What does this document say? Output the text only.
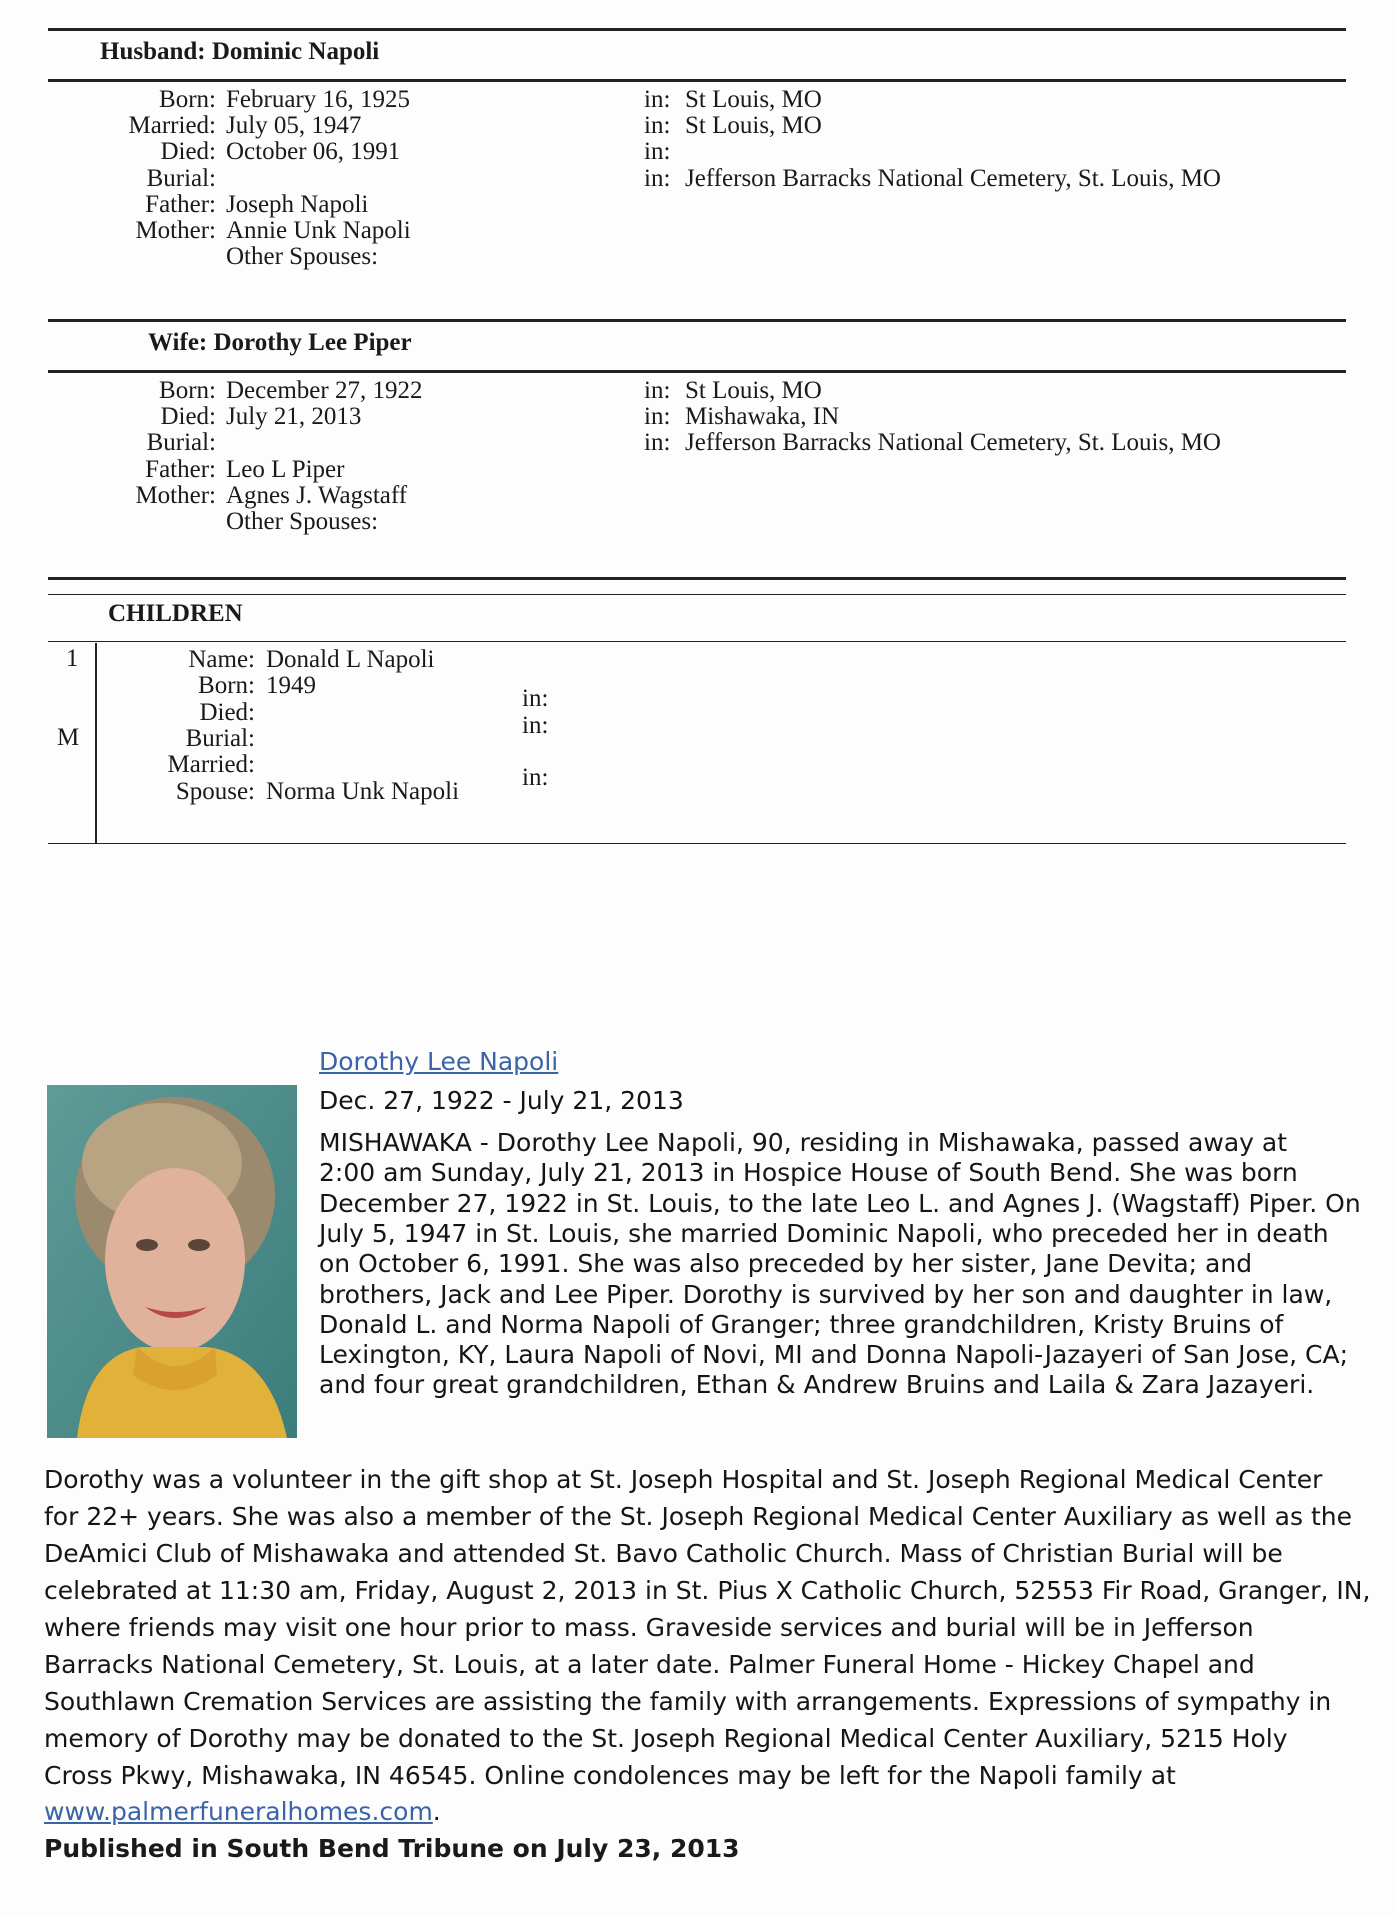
Husband: Dominic Napoli
Born: February 16, 1925	in: St Louis, MO
Married: July 05, 1947	in: St Louis, MO
Died: October 06, 1991	in:
Burial:	in: Jefferson Barracks National Cemetery, St. Louis, MO
Father: Joseph Napoli
Mother: Annie Unk Napoli
Other Spouses:
Wife: Dorothy Lee Piper
Born: December 27, 1922	in: St Louis, MO
Died: July 21, 2013	in: Mishawaka, IN
Burial:	in: Jefferson Barracks National Cemetery, St. Louis, MO
Father: Leo L Piper
Mother: Agnes J. Wagstaff
Other Spouses:
CHILDREN
1
M
Name: Donald L Napoli
Born: 1949	in:
Died:	in:
Burial:
Married:	in:
Spouse: Norma Unk Napoli
Dorothy Lee Napoli
Dec. 27, 1922 - July 21, 2013
MISHAWAKA - Dorothy Lee Napoli, 90, residing in Mishawaka, passed away at
2:00 am Sunday, July 21, 2013 in Hospice House of South Bend. She was born
December 27, 1922 in St. Louis, to the late Leo L. and Agnes J. (Wagstaff) Piper. On
July 5, 1947 in St. Louis, she married Dominic Napoli, who preceded her in death
on October 6, 1991. She was also preceded by her sister, Jane Devita; and
brothers, Jack and Lee Piper. Dorothy is survived by her son and daughter in law,
Donald L. and Norma Napoli of Granger; three grandchildren, Kristy Bruins of
Lexington, KY, Laura Napoli of Novi, MI and Donna Napoli-Jazayeri of San Jose, CA;
and four great grandchildren, Ethan & Andrew Bruins and Laila & Zara Jazayeri.
Dorothy was a volunteer in the gift shop at St. Joseph Hospital and St. Joseph Regional Medical Center
for 22+ years. She was also a member of the St. Joseph Regional Medical Center Auxiliary as well as the
DeAmici Club of Mishawaka and attended St. Bavo Catholic Church. Mass of Christian Burial will be
celebrated at 11:30 am, Friday, August 2, 2013 in St. Pius X Catholic Church, 52553 Fir Road, Granger, IN,
where friends may visit one hour prior to mass. Graveside services and burial will be in Jefferson
Barracks National Cemetery, St. Louis, at a later date. Palmer Funeral Home - Hickey Chapel and
Southlawn Cremation Services are assisting the family with arrangements. Expressions of sympathy in
memory of Dorothy may be donated to the St. Joseph Regional Medical Center Auxiliary, 5215 Holy
Cross Pkwy, Mishawaka, IN 46545. Online condolences may be left for the Napoli family at
www.palmerfuneralhomes.com.
Published in South Bend Tribune on July 23, 2013
